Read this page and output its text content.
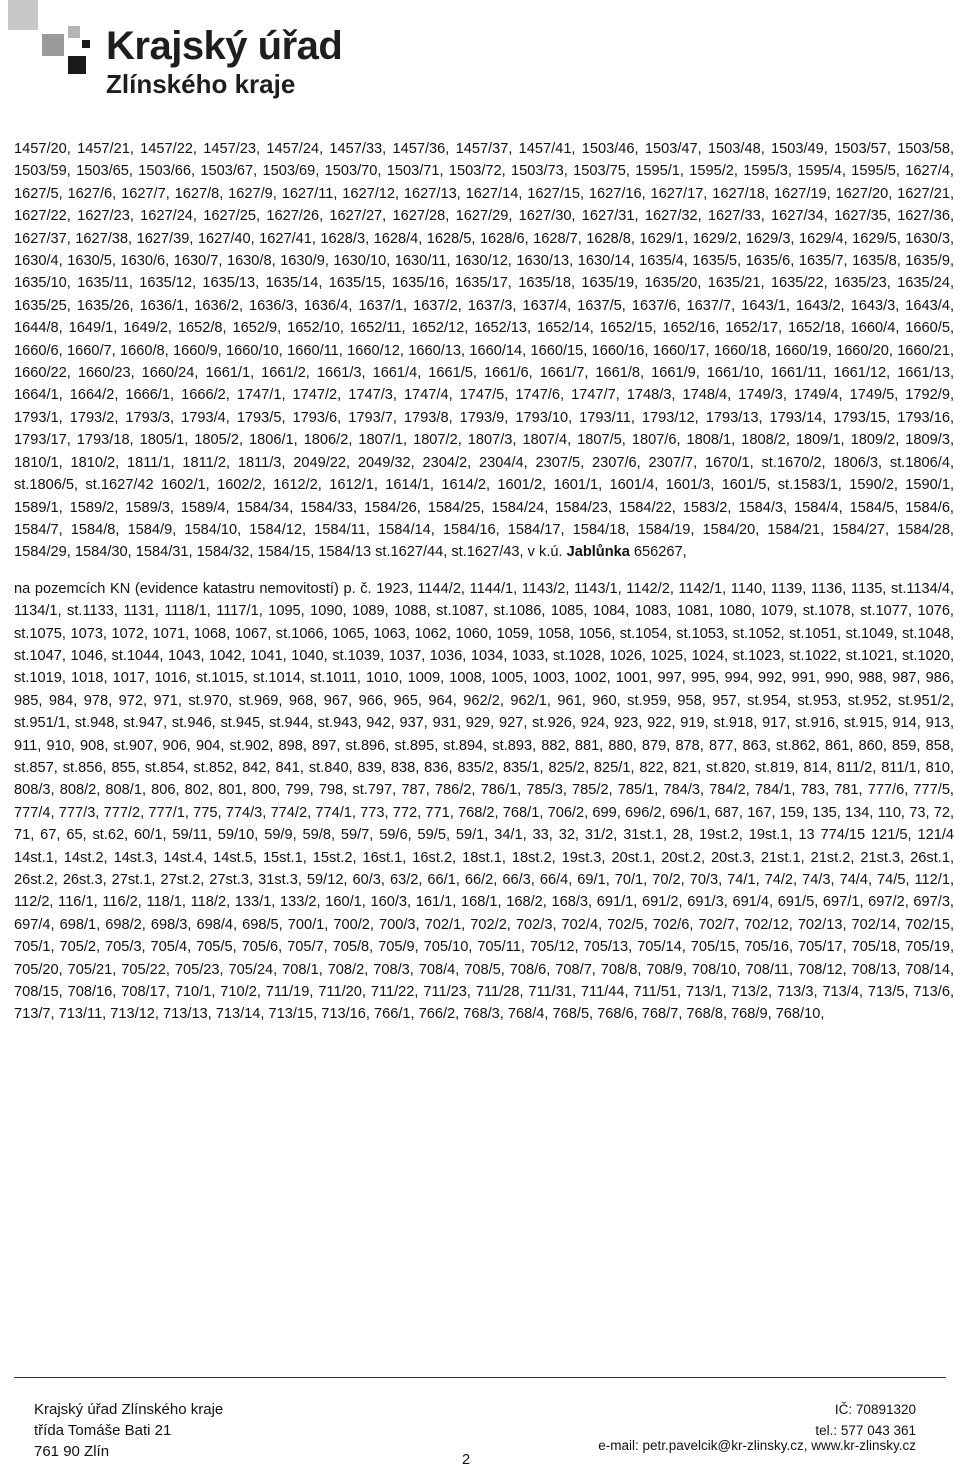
Krajský úřad
Zlínského kraje

1457/20, 1457/21, 1457/22, 1457/23, 1457/24, 1457/33, 1457/36, 1457/37, 1457/41, 1503/46, 1503/47, 1503/48, 1503/49, 1503/57, 1503/58, 1503/59, 1503/65, 1503/66, 1503/67, 1503/69, 1503/70, 1503/71, 1503/72, 1503/73, 1503/75, 1595/1, 1595/2, 1595/3, 1595/4, 1595/5, 1627/4, 1627/5, 1627/6, 1627/7, 1627/8, 1627/9, 1627/11, 1627/12, 1627/13, 1627/14, 1627/15, 1627/16, 1627/17, 1627/18, 1627/19, 1627/20, 1627/21, 1627/22, 1627/23, 1627/24, 1627/25, 1627/26, 1627/27, 1627/28, 1627/29, 1627/30, 1627/31, 1627/32, 1627/33, 1627/34, 1627/35, 1627/36, 1627/37, 1627/38, 1627/39, 1627/40, 1627/41, 1628/3, 1628/4, 1628/5, 1628/6, 1628/7, 1628/8, 1629/1, 1629/2, 1629/3, 1629/4, 1629/5, 1630/3, 1630/4, 1630/5, 1630/6, 1630/7, 1630/8, 1630/9, 1630/10, 1630/11, 1630/12, 1630/13, 1630/14, 1635/4, 1635/5, 1635/6, 1635/7, 1635/8, 1635/9, 1635/10, 1635/11, 1635/12, 1635/13, 1635/14, 1635/15, 1635/16, 1635/17, 1635/18, 1635/19, 1635/20, 1635/21, 1635/22, 1635/23, 1635/24, 1635/25, 1635/26, 1636/1, 1636/2, 1636/3, 1636/4, 1637/1, 1637/2, 1637/3, 1637/4, 1637/5, 1637/6, 1637/7, 1643/1, 1643/2, 1643/3, 1643/4, 1644/8, 1649/1, 1649/2, 1652/8, 1652/9, 1652/10, 1652/11, 1652/12, 1652/13, 1652/14, 1652/15, 1652/16, 1652/17, 1652/18, 1660/4, 1660/5, 1660/6, 1660/7, 1660/8, 1660/9, 1660/10, 1660/11, 1660/12, 1660/13, 1660/14, 1660/15, 1660/16, 1660/17, 1660/18, 1660/19, 1660/20, 1660/21, 1660/22, 1660/23, 1660/24, 1661/1, 1661/2, 1661/3, 1661/4, 1661/5, 1661/6, 1661/7, 1661/8, 1661/9, 1661/10, 1661/11, 1661/12, 1661/13, 1664/1, 1664/2, 1666/1, 1666/2, 1747/1, 1747/2, 1747/3, 1747/4, 1747/5, 1747/6, 1747/7, 1748/3, 1748/4, 1749/3, 1749/4, 1749/5, 1792/9, 1793/1, 1793/2, 1793/3, 1793/4, 1793/5, 1793/6, 1793/7, 1793/8, 1793/9, 1793/10, 1793/11, 1793/12, 1793/13, 1793/14, 1793/15, 1793/16, 1793/17, 1793/18, 1805/1, 1805/2, 1806/1, 1806/2, 1807/1, 1807/2, 1807/3, 1807/4, 1807/5, 1807/6, 1808/1, 1808/2, 1809/1, 1809/2, 1809/3, 1810/1, 1810/2, 1811/1, 1811/2, 1811/3, 2049/22, 2049/32, 2304/2, 2304/4, 2307/5, 2307/6, 2307/7, 1670/1, st.1670/2, 1806/3, st.1806/4, st.1806/5, st.1627/42 1602/1, 1602/2, 1612/2, 1612/1, 1614/1, 1614/2, 1601/2, 1601/1, 1601/4, 1601/3, 1601/5, st.1583/1, 1590/2, 1590/1, 1589/1, 1589/2, 1589/3, 1589/4, 1584/34, 1584/33, 1584/26, 1584/25, 1584/24, 1584/23, 1584/22, 1583/2, 1584/3, 1584/4, 1584/5, 1584/6, 1584/7, 1584/8, 1584/9, 1584/10, 1584/12, 1584/11, 1584/14, 1584/16, 1584/17, 1584/18, 1584/19, 1584/20, 1584/21, 1584/27, 1584/28, 1584/29, 1584/30, 1584/31, 1584/32, 1584/15, 1584/13 st.1627/44, st.1627/43, v k.ú. Jablůnka 656267,

na pozemcích KN (evidence katastru nemovitostí) p. č. 1923, 1144/2, 1144/1, 1143/2, 1143/1, 1142/2, 1142/1, 1140, 1139, 1136, 1135, st.1134/4, 1134/1, st.1133, 1131, 1118/1, 1117/1, 1095, 1090, 1089, 1088, st.1087, st.1086, 1085, 1084, 1083, 1081, 1080, 1079, st.1078, st.1077, 1076, st.1075, 1073, 1072, 1071, 1068, 1067, st.1066, 1065, 1063, 1062, 1060, 1059, 1058, 1056, st.1054, st.1053, st.1052, st.1051, st.1049, st.1048, st.1047, 1046, st.1044, 1043, 1042, 1041, 1040, st.1039, 1037, 1036, 1034, 1033, st.1028, 1026, 1025, 1024, st.1023, st.1022, st.1021, st.1020, st.1019, 1018, 1017, 1016, st.1015, st.1014, st.1011, 1010, 1009, 1008, 1005, 1003, 1002, 1001, 997, 995, 994, 992, 991, 990, 988, 987, 986, 985, 984, 978, 972, 971, st.970, st.969, 968, 967, 966, 965, 964, 962/2, 962/1, 961, 960, st.959, 958, 957, st.954, st.953, st.952, st.951/2, st.951/1, st.948, st.947, st.946, st.945, st.944, st.943, 942, 937, 931, 929, 927, st.926, 924, 923, 922, 919, st.918, 917, st.916, st.915, 914, 913, 911, 910, 908, st.907, 906, 904, st.902, 898, 897, st.896, st.895, st.894, st.893, 882, 881, 880, 879, 878, 877, 863, st.862, 861, 860, 859, 858, st.857, st.856, 855, st.854, st.852, 842, 841, st.840, 839, 838, 836, 835/2, 835/1, 825/2, 825/1, 822, 821, st.820, st.819, 814, 811/2, 811/1, 810, 808/3, 808/2, 808/1, 806, 802, 801, 800, 799, 798, st.797, 787, 786/2, 786/1, 785/3, 785/2, 785/1, 784/3, 784/2, 784/1, 783, 781, 777/6, 777/5, 777/4, 777/3, 777/2, 777/1, 775, 774/3, 774/2, 774/1, 773, 772, 771, 768/2, 768/1, 706/2, 699, 696/2, 696/1, 687, 167, 159, 135, 134, 110, 73, 72, 71, 67, 65, st.62, 60/1, 59/11, 59/10, 59/9, 59/8, 59/7, 59/6, 59/5, 59/1, 34/1, 33, 32, 31/2, 31st.1, 28, 19st.2, 19st.1, 13 774/15 121/5, 121/4 14st.1, 14st.2, 14st.3, 14st.4, 14st.5, 15st.1, 15st.2, 16st.1, 16st.2, 18st.1, 18st.2, 19st.3, 20st.1, 20st.2, 20st.3, 21st.1, 21st.2, 21st.3, 26st.1, 26st.2, 26st.3, 27st.1, 27st.2, 27st.3, 31st.3, 59/12, 60/3, 63/2, 66/1, 66/2, 66/3, 66/4, 69/1, 70/1, 70/2, 70/3, 74/1, 74/2, 74/3, 74/4, 74/5, 112/1, 112/2, 116/1, 116/2, 118/1, 118/2, 133/1, 133/2, 160/1, 160/3, 161/1, 168/1, 168/2, 168/3, 691/1, 691/2, 691/3, 691/4, 691/5, 697/1, 697/2, 697/3, 697/4, 698/1, 698/2, 698/3, 698/4, 698/5, 700/1, 700/2, 700/3, 702/1, 702/2, 702/3, 702/4, 702/5, 702/6, 702/7, 702/12, 702/13, 702/14, 702/15, 705/1, 705/2, 705/3, 705/4, 705/5, 705/6, 705/7, 705/8, 705/9, 705/10, 705/11, 705/12, 705/13, 705/14, 705/15, 705/16, 705/17, 705/18, 705/19, 705/20, 705/21, 705/22, 705/23, 705/24, 708/1, 708/2, 708/3, 708/4, 708/5, 708/6, 708/7, 708/8, 708/9, 708/10, 708/11, 708/12, 708/13, 708/14, 708/15, 708/16, 708/17, 710/1, 710/2, 711/19, 711/20, 711/22, 711/23, 711/28, 711/31, 711/44, 711/51, 713/1, 713/2, 713/3, 713/4, 713/5, 713/6, 713/7, 713/11, 713/12, 713/13, 713/14, 713/15, 713/16, 766/1, 766/2, 768/3, 768/4, 768/5, 768/6, 768/7, 768/8, 768/9, 768/10,

Krajský úřad Zlínského kraje
třída Tomáše Bati 21
761 90 Zlín
IČ: 70891320
tel.: 577 043 361
e-mail: petr.pavelcik@kr-zlinsky.cz, www.kr-zlinsky.cz
2
